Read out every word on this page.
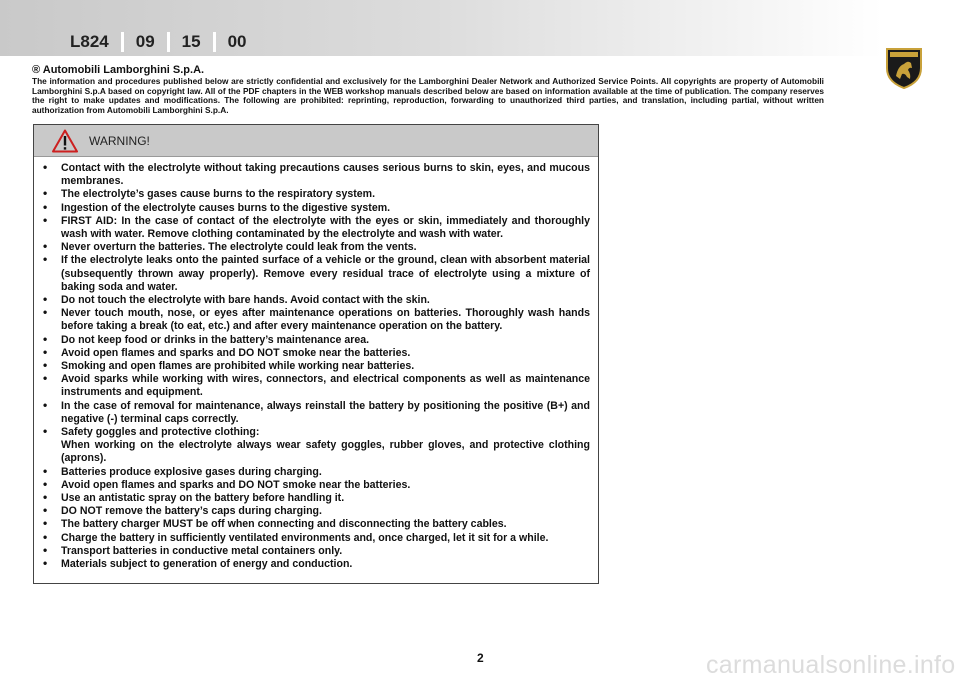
L824 09 15 00
® Automobili Lamborghini S.p.A.
The information and procedures published below are strictly confidential and exclusively for the Lamborghini Dealer Network and Authorized Service Points. All copyrights are property of Automobili Lamborghini S.p.A based on copyright law. All of the PDF chapters in the WEB workshop manuals described below are based on information available at the time of publication. The company reserves the right to make updates and modifications. The following are prohibited: reprinting, reproduction, forwarding to unauthorized third parties, and translation, including partial, without written authorization from Automobili Lamborghini S.p.A.
WARNING!
• Contact with the electrolyte without taking precautions causes serious burns to skin, eyes, and mucous membranes.
• The electrolyte’s gases cause burns to the respiratory system.
• Ingestion of the electrolyte causes burns to the digestive system.
• FIRST AID: In the case of contact of the electrolyte with the eyes or skin, immediately and thoroughly wash with water. Remove clothing contaminated by the electrolyte and wash with water.
• Never overturn the batteries. The electrolyte could leak from the vents.
• If the electrolyte leaks onto the painted surface of a vehicle or the ground, clean with absorbent material (subsequently thrown away properly). Remove every residual trace of electrolyte using a mixture of baking soda and water.
• Do not touch the electrolyte with bare hands. Avoid contact with the skin.
• Never touch mouth, nose, or eyes after maintenance operations on batteries. Thoroughly wash hands before taking a break (to eat, etc.) and after every maintenance operation on the battery.
• Do not keep food or drinks in the battery’s maintenance area.
• Avoid open flames and sparks and DO NOT smoke near the batteries.
• Smoking and open flames are prohibited while working near batteries.
• Avoid sparks while working with wires, connectors, and electrical components as well as maintenance instruments and equipment.
• In the case of removal for maintenance, always reinstall the battery by positioning the positive (B+) and negative (-) terminal caps correctly.
• Safety goggles and protective clothing:
When working on the electrolyte always wear safety goggles, rubber gloves, and protective clothing (aprons).
• Batteries produce explosive gases during charging.
• Avoid open flames and sparks and DO NOT smoke near the batteries.
• Use an antistatic spray on the battery before handling it.
• DO NOT remove the battery’s caps during charging.
• The battery charger MUST be off when connecting and disconnecting the battery cables.
• Charge the battery in sufficiently ventilated environments and, once charged, let it sit for a while.
• Transport batteries in conductive metal containers only.
• Materials subject to generation of energy and conduction.
2	carmanualsonline.info
